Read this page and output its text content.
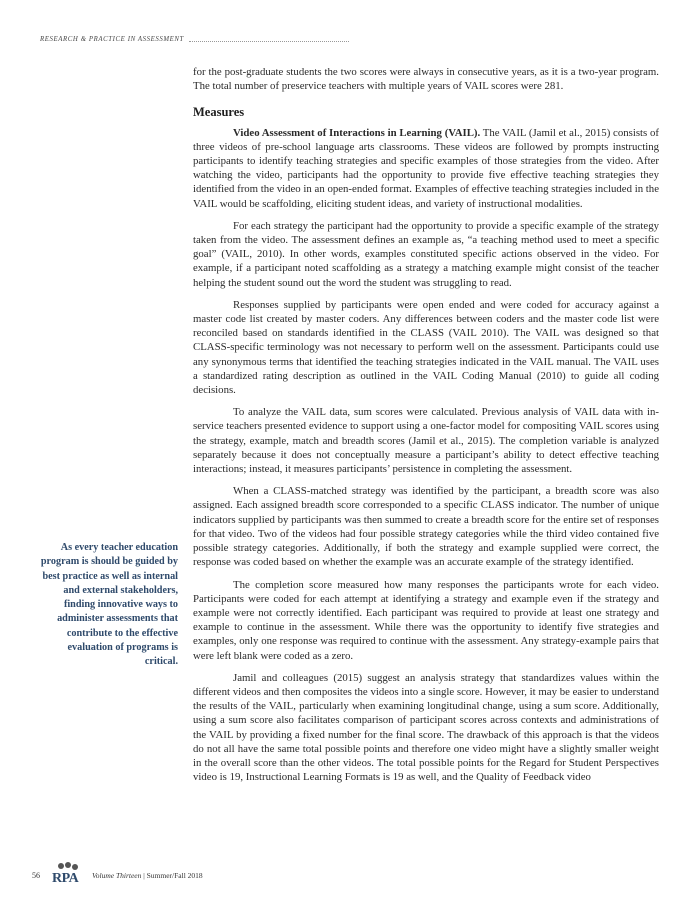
RESEARCH & PRACTICE IN ASSESSMENT

for the post-graduate students the two scores were always in consecutive years, as it is a two-year program. The total number of preservice teachers with multiple years of VAIL scores were 281.

Measures

Video Assessment of Interactions in Learning (VAIL). The VAIL (Jamil et al., 2015) consists of three videos of pre-school language arts classrooms. These videos are followed by prompts instructing participants to identify teaching strategies and specific examples of those strategies from the video. After watching the video, participants had the opportunity to provide five effective teaching strategies they identified from the video in an open-ended format. Examples of effective teaching strategies included in the VAIL would be scaffolding, eliciting student ideas, and variety of instructional modalities.

For each strategy the participant had the opportunity to provide a specific example of the strategy taken from the video. The assessment defines an example as, “a teaching method used to meet a specific goal” (VAIL, 2010). In other words, examples constituted specific actions observed in the video. For example, if a participant noted scaffolding as a strategy a matching example might consist of the teacher helping the student sound out the word the student was struggling to read.

Responses supplied by participants were open ended and were coded for accuracy against a master code list created by master coders. Any differences between coders and the master code list were reconciled based on standards identified in the CLASS (VAIL 2010). The VAIL was designed so that CLASS-specific terminology was not necessary to perform well on the assessment. Participants could use any synonymous terms that identified the teaching strategies indicated in the VAIL manual. The VAIL uses a standardized rating description as outlined in the VAIL Coding Manual (2010) to guide all coding decisions.

To analyze the VAIL data, sum scores were calculated. Previous analysis of VAIL data with in-service teachers presented evidence to support using a one-factor model for compositing VAIL scores using the strategy, example, match and breadth scores (Jamil et al., 2015). The completion variable is analyzed separately because it does not conceptually measure a participant’s ability to detect effective teaching interactions; instead, it measures participants’ persistence in completing the assessment.

When a CLASS-matched strategy was identified by the participant, a breadth score was also assigned. Each assigned breadth score corresponded to a specific CLASS indicator. The number of unique indicators supplied by participants was then summed to create a breadth score for the entire set of responses for that video. Two of the videos had four possible strategy categories while the third video contained five possible strategy categories. Additionally, if both the strategy and example supplied were correct, the response was coded based on whether the example was an accurate example of the strategy identified.

The completion score measured how many responses the participants wrote for each video. Participants were coded for each attempt at identifying a strategy and example even if the strategy and example were not correctly identified. Each participant was required to provide at least one strategy and example to continue in the assessment. While there was the opportunity to identify five strategies and examples, only one response was required to continue with the assessment. Any strategy-example pairs that were left blank were coded as a zero.

Jamil and colleagues (2015) suggest an analysis strategy that standardizes values within the different videos and then composites the videos into a single score. However, it may be easier to understand the results of the VAIL, particularly when examining longitudinal change, using a sum score. Additionally, using a sum score also facilitates comparison of participant scores across contexts and administrations of the VAIL by providing a fixed number for the final score. The drawback of this approach is that the videos do not all have the same total possible points and therefore one video might have a slightly smaller weight in the overall score than the other videos. The total possible points for the Regard for Student Perspectives video is 19, Instructional Learning Formats is 19 as well, and the Quality of Feedback video

As every teacher education program is should be guided by best practice as well as internal and external stakeholders, finding innovative ways to administer assessments that contribute to the effective evaluation of programs is critical.
56 RPA Volume Thirteen | Summer/Fall 2018
